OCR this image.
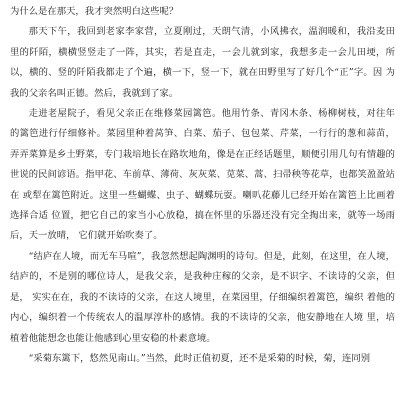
为什么是在那天，我才突然明白这些呢？

那天下午，我回到老家李家营，立夏刚过，天朗气清，小风拂衣，温润暖和，我沿麦田 里的阡陌，横横竖竖走了一阵，其实，若是直走，一会儿就到家，我想多走一会儿田埂，所 以，横的、竖的阡陌我都走了个遍，横一下，竖一下，就在田野里写了好几个“正”字。因 为我的父亲名叫正德。然后，我就到了家。

走进老屋院子，看见父亲正在维修菜园篱笆。他用竹条、青冈木条、杨柳树枝，对往年 的篱笆进行仔细修补。菜园里种着莴笋、白菜、茄子、包包菜、芹菜，一行行的葱和蒜苗， 弄弄菜算是乡土野菜，专门栽培地长在路坎地角，像是在正经话题里，顺便引用几句有情趣的 世说的民间谚语。指甲花、车前草、薄荷、灰灰菜、苋菜、蒿、扫帚秧等花草，也都笑盈盈站在 或犁在篱笆附近。这里一些蝴蝶、虫子、蝴蝶玩耍。喇叭花藤儿已经开始在篱笆上比画着选择合适 位置，把它自己的家当小心放稳，搞在怀里的乐器还没有完全掏出来，就等一场雨后，天一放晴， 它们就开始吹奏了。

“结庐在人境，而无车马喧”，我忽然想起陶渊明的诗句。但是，此刻，在这里，在人境， 结庐的，不是别的哪位诗人，是我父亲，是我种庄稼的父亲，是不识字、不读诗的父亲，但是， 实实在在，我的不读诗的父亲，在这人境里，在菜园里，仔细编织着篱笆，编织 着他的内心，编织着一个传统农人的温厚淳朴的感情。我的不读诗的父亲，他安静地在人境 里，培植着他能想念也能让他感到心里安稳的朴素意境。

“采菊东篱下，悠然见南山。”当然，此时正值初夏，还不是采菊的时候，菊，连同别
